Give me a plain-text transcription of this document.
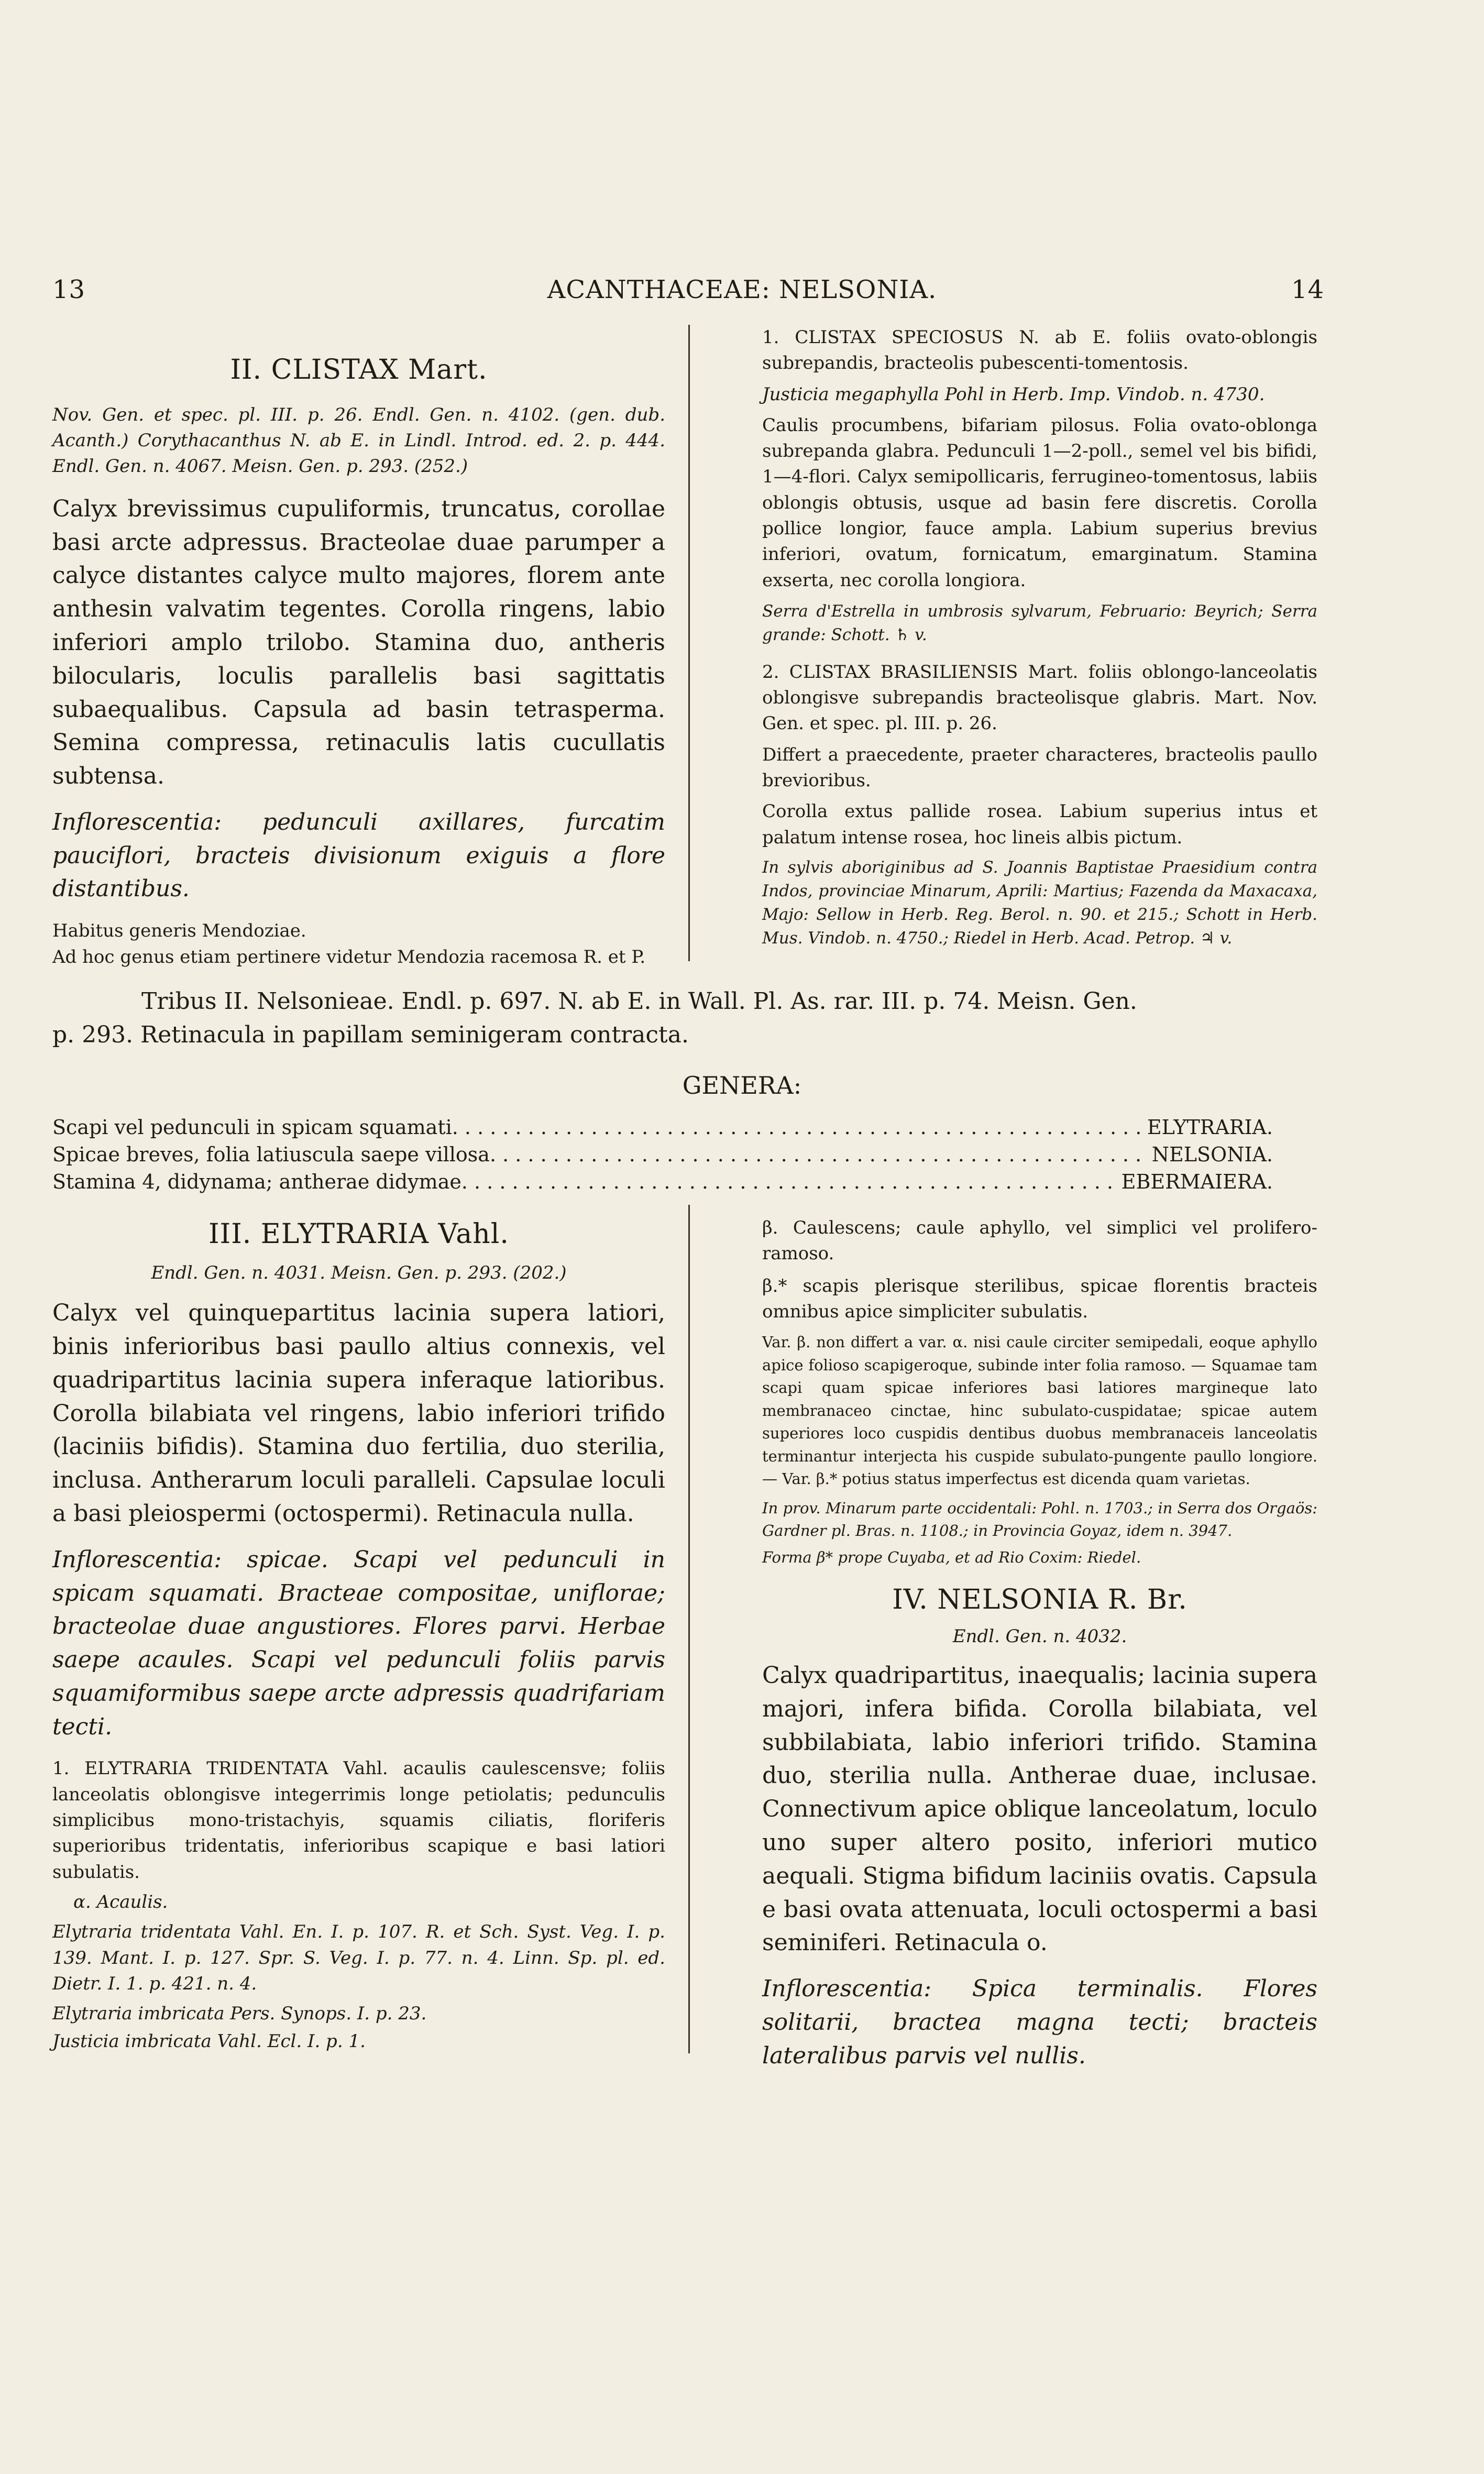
13	ACANTHACEAE: NELSONIA.	14

II. CLISTAX Mart.

Nov. Gen. et spec. pl. III. p. 26. Endl. Gen. n. 4102. (gen. dub. Acanth.) Corythacanthus N. ab E. in Lindl. Introd. ed. 2. p. 444. Endl. Gen. n. 4067. Meisn. Gen. p. 293. (252.)

Calyx brevissimus cupuliformis, truncatus, corollae basi arcte adpressus. Bracteolae duae parumper a calyce distantes calyce multo majores, florem ante anthesin valvatim tegentes. Corolla ringens, labio inferiori amplo trilobo. Stamina duo, antheris bilocularis, loculis parallelis basi sagittatis subaequalibus. Capsula ad basin tetrasperma. Semina compressa, retinaculis latis cucullatis subtensa.

Inflorescentia: pedunculi axillares, furcatim pauciflori, bracteis divisionum exiguis a flore distantibus.

Habitus generis Mendoziae.

Ad hoc genus etiam pertinere videtur Mendozia racemosa R. et P.

1. CLISTAX SPECIOSUS N. ab E. foliis ovato-oblongis subrepandis, bracteolis pubescenti-tomentosis.

Justicia megaphylla Pohl in Herb. Imp. Vindob. n. 4730.

Caulis procumbens, bifariam pilosus. Folia ovato-oblonga subrepanda glabra. Pedunculi 1—2-poll., semel vel bis bifidi, 1—4-flori. Calyx semipollicaris, ferrugineo-tomentosus, labiis oblongis obtusis, usque ad basin fere discretis. Corolla pollice longior, fauce ampla. Labium superius brevius inferiori, ovatum, fornicatum, emarginatum. Stamina exserta, nec corolla longiora.

Serra d'Estrella in umbrosis sylvarum, Februario: Beyrich; Serra grande: Schott. ♄ v.

2. CLISTAX BRASILIENSIS Mart. foliis oblongo-lanceolatis oblongisve subrepandis bracteolisque glabris. Mart. Nov. Gen. et spec. pl. III. p. 26.

Differt a praecedente, praeter characteres, bracteolis paullo brevioribus.

Corolla extus pallide rosea. Labium superius intus et palatum intense rosea, hoc lineis albis pictum.

In sylvis aboriginibus ad S. Joannis Baptistae Praesidium contra Indos, provinciae Minarum, Aprili: Martius; Fazenda da Maxacaxa, Majo: Sellow in Herb. Reg. Berol. n. 90. et 215.; Schott in Herb. Mus. Vindob. n. 4750.; Riedel in Herb. Acad. Petrop. ♃ v.

Tribus II. Nelsonieae. Endl. p. 697. N. ab E. in Wall. Pl. As. rar. III. p. 74. Meisn. Gen.
p. 293. Retinacula in papillam seminigeram contracta.
GENERA:
Scapi vel pedunculi in spicam squamati . . .	ELYTRARIA.
Spicae breves, folia latiuscula saepe villosa . . .	NELSONIA.
Stamina 4, didynama; antherae didymae . . .	EBERMAIERA.

III. ELYTRARIA Vahl.

Endl. Gen. n. 4031. Meisn. Gen. p. 293. (202.)

Calyx vel quinquepartitus lacinia supera latiori, binis inferioribus basi paullo altius connexis, vel quadripartitus lacinia supera inferaque latioribus. Corolla bilabiata vel ringens, labio inferiori trifido (laciniis bifidis). Stamina duo fertilia, duo sterilia, inclusa. Antherarum loculi paralleli. Capsulae loculi a basi pleiospermi (octospermi). Retinacula nulla.

Inflorescentia: spicae. Scapi vel pedunculi in spicam squamati. Bracteae compositae, uniflorae; bracteolae duae angustiores. Flores parvi. Herbae saepe acaules. Scapi vel pedunculi foliis parvis squamiformibus saepe arcte adpressis quadrifariam tecti.

1. ELYTRARIA TRIDENTATA Vahl. acaulis caulescensve; foliis lanceolatis oblongisve integerrimis longe petiolatis; pedunculis simplicibus mono-tristachyis, squamis ciliatis, floriferis superioribus tridentatis, inferioribus scapique e basi latiori subulatis.

α. Acaulis.

Elytraria tridentata Vahl. En. I. p. 107. R. et Sch. Syst. Veg. I. p. 139. Mant. I. p. 127. Spr. S. Veg. I. p. 77. n. 4. Linn. Sp. pl. ed. Dietr. I. 1. p. 421. n. 4.

Elytraria imbricata Pers. Synops. I. p. 23.

Justicia imbricata Vahl. Ecl. I. p. 1.

β. Caulescens; caule aphyllo, vel simplici vel prolifero-ramoso.

β.* scapis plerisque sterilibus, spicae florentis bracteis omnibus apice simpliciter subulatis.

Var. β. non differt a var. α. nisi caule circiter semipedali, eoque aphyllo apice folioso scapigeroque, subinde inter folia ramoso. — Squamae tam scapi quam spicae inferiores basi latiores margineque lato membranaceo cinctae, hinc subulato-cuspidatae; spicae autem superiores loco cuspidis dentibus duobus membranaceis lanceolatis terminantur interjecta his cuspide subulato-pungente paullo longiore. — Var. β.* potius status imperfectus est dicenda quam varietas.

In prov. Minarum parte occidentali: Pohl. n. 1703.; in Serra dos Orgaös: Gardner pl. Bras. n. 1108.; in Provincia Goyaz, idem n. 3947.

Forma β* prope Cuyaba, et ad Rio Coxim: Riedel.

IV. NELSONIA R. Br.

Endl. Gen. n. 4032.

Calyx quadripartitus, inaequalis; lacinia supera majori, infera bifida. Corolla bilabiata, vel subbilabiata, labio inferiori trifido. Stamina duo, sterilia nulla. Antherae duae, inclusae. Connectivum apice oblique lanceolatum, loculo uno super altero posito, inferiori mutico aequali. Stigma bifidum laciniis ovatis. Capsula e basi ovata attenuata, loculi octospermi a basi seminiferi. Retinacula o.

Inflorescentia: Spica terminalis. Flores solitarii, bractea magna tecti; bracteis lateralibus parvis vel nullis.
